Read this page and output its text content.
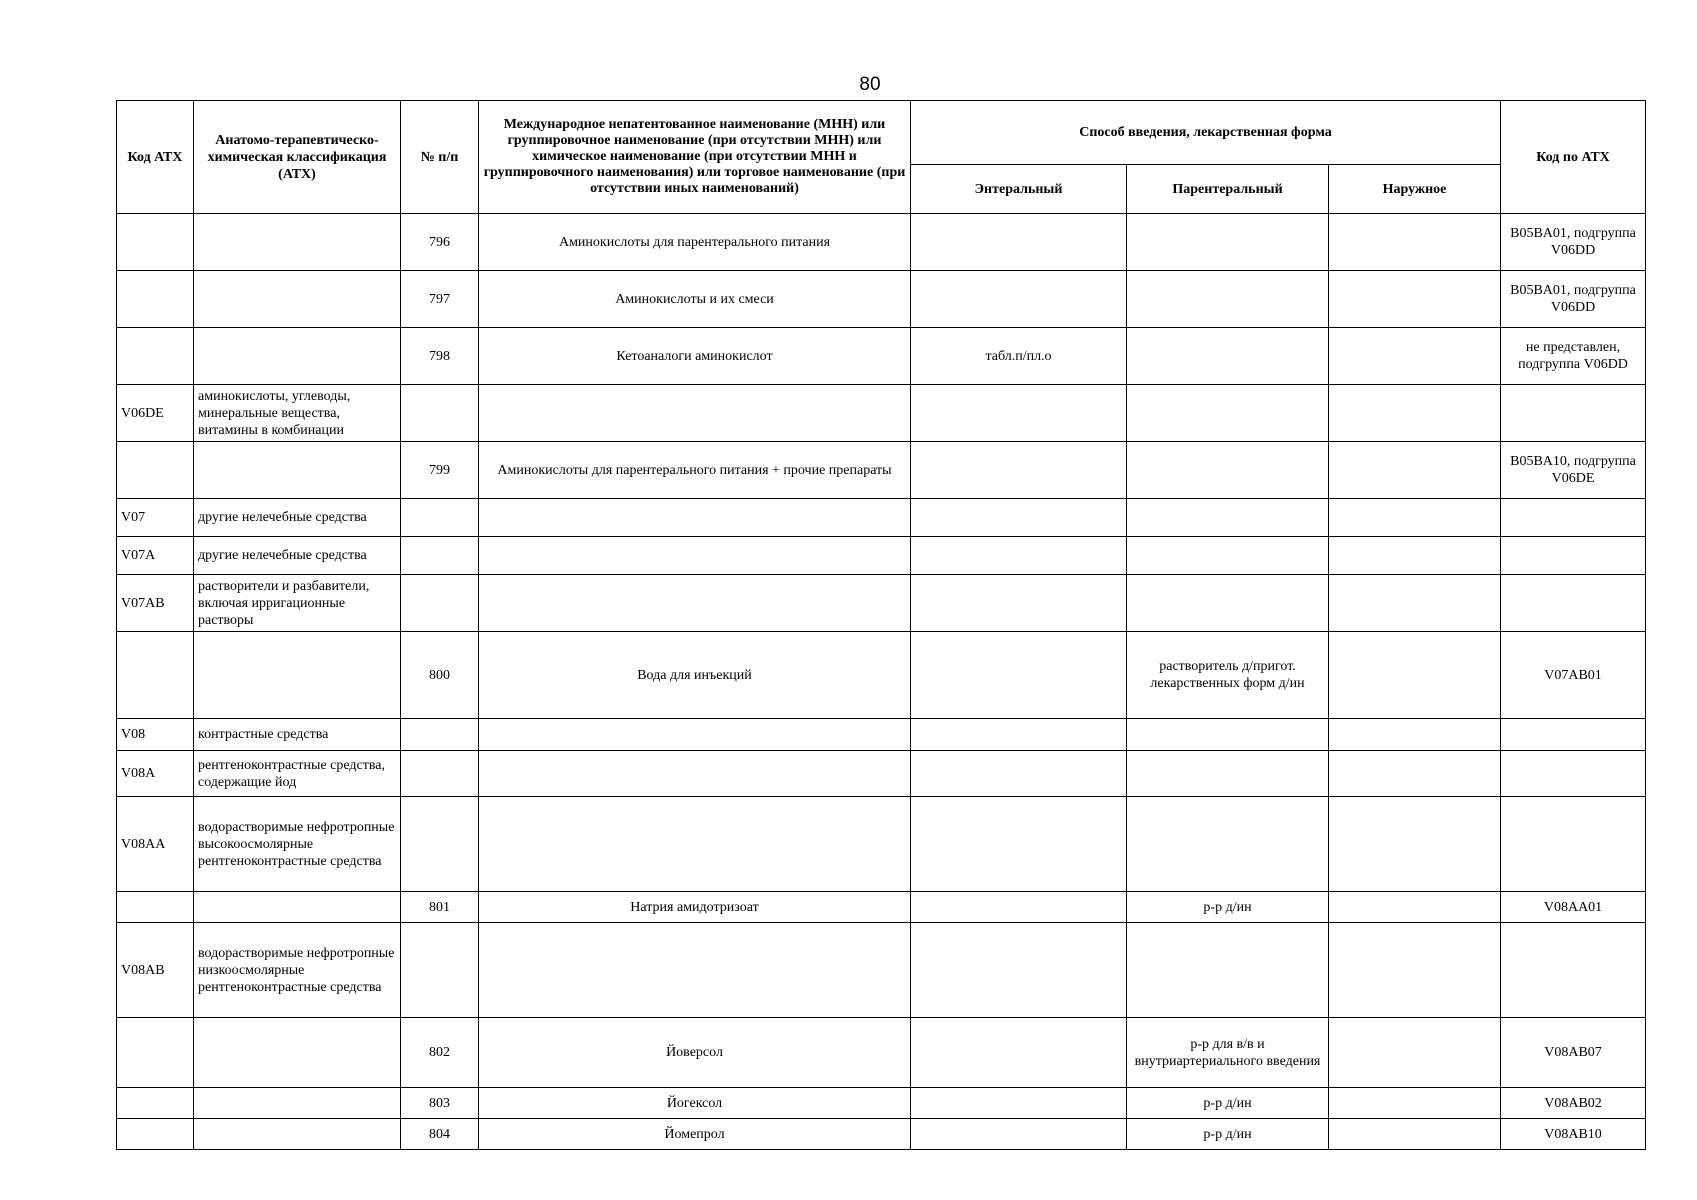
80
Код АТХ	Анатомо-терапевтическо-химическая классификация (АТХ)	№ п/п	Международное непатентованное наименование (МНН) или группировочное наименование (при отсутствии МНН) или химическое наименование (при отсутствии МНН и группировочного наименования) или торговое наименование (при отсутствии иных наименований)	Способ введения, лекарственная форма			Код по АТХ
				Энтеральный	Парентеральный	Наружное	
		796	Аминокислоты для парентерального питания				B05BA01, подгруппа V06DD
		797	Аминокислоты и их смеси				B05BA01, подгруппа V06DD
		798	Кетоаналоги аминокислот	табл.п/пл.о			не представлен, подгруппа V06DD
V06DE	аминокислоты, углеводы, минеральные вещества, витамины в комбинации						
		799	Аминокислоты для парентерального питания + прочие препараты				B05BA10, подгруппа V06DE
V07	другие нелечебные средства						
V07A	другие нелечебные средства						
V07AB	растворители и разбавители, включая ирригационные растворы						
		800	Вода для инъекций		растворитель д/пригот. лекарственных форм д/ин		V07AB01
V08	контрастные средства						
V08A	рентгеноконтрастные средства, содержащие йод						
V08AA	водорастворимые нефротропные высокоосмолярные рентгеноконтрастные средства						
		801	Натрия амидотризоат		р-р д/ин		V08AA01
V08AB	водорастворимые нефротропные низкоосмолярные рентгеноконтрастные средства						
		802	Йоверсол		р-р для в/в и внутриартериального введения		V08AB07
		803	Йогексол		р-р д/ин		V08AB02
		804	Йомепрол		р-р д/ин		V08AB10
